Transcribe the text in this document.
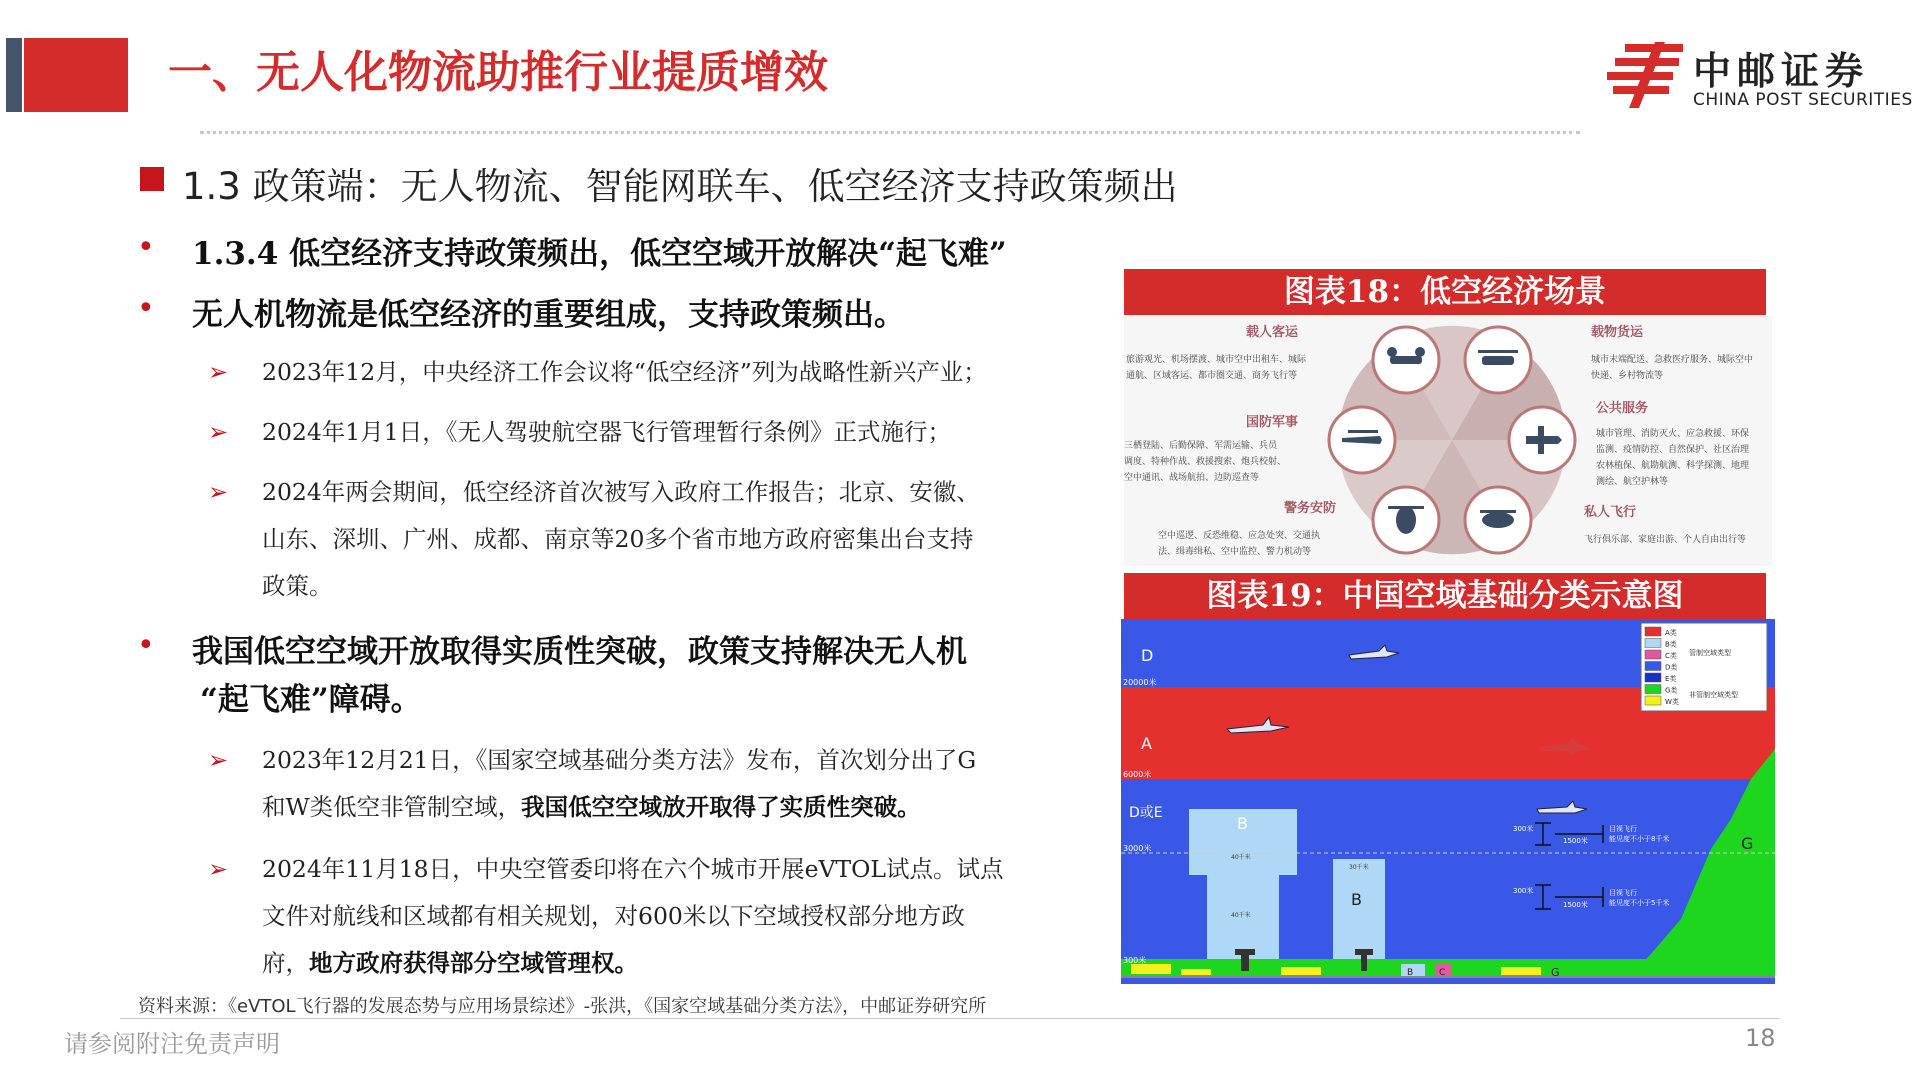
一、无人化物流助推行业提质增效	中邮证券
CHINA POST SECURITIES
1.3 政策端：无人物流、智能网联车、低空经济支持政策频出
• 1.3.4 低空经济支持政策频出，低空空域开放解决“起飞难”
• 无人机物流是低空经济的重要组成，支持政策频出。
➢ 2023年12月，中央经济工作会议将“低空经济”列为战略性新兴产业；
➢ 2024年1月1日，《无人驾驶航空器飞行管理暂行条例》正式施行；
➢ 2024年两会期间，低空经济首次被写入政府工作报告；北京、安徽、
山东、深圳、广州、成都、南京等20多个省市地方政府密集出台支持
政策。
• 我国低空空域开放取得实质性突破，政策支持解决无人机
“起飞难”障碍。
➢ 2023年12月21日，《国家空域基础分类方法》发布，首次划分出了G
和W类低空非管制空域，我国低空空域放开取得了实质性突破。
➢ 2024年11月18日，中央空管委印将在六个城市开展eVTOL试点。试点
文件对航线和区域都有相关规划，对600米以下空域授权部分地方政
府，地方政府获得部分空域管理权。
图表18：低空经济场景
载人客运
旅游观光、机场摆渡、城市空中出租车、城际
通航、区域客运、都市圈交通、商务飞行等
载物货运
城市末端配送、急救医疗服务、城际空中
快递、乡村物流等
国防军事
三栖登陆、后勤保障、军需运输、兵员
调度、特种作战、救援搜索、炮兵校射、
空中通讯、战场航拍、边防巡查等
公共服务
城市管理、消防灭火、应急救援、环保
监测、疫情防控、自然保护、社区治理
农林植保、航勘航测、科学探测、地理
测绘、航空护林等
警务安防
空中巡逻、反恐维稳、应急处突、交通执
法、缉毒缉私、空中监控、警力机动等
私人飞行
飞行俱乐部、家庭出游、个人自由出行等
图表19：中国空域基础分类示意图
D
20000米
A
6000米
D或E
3000米
300米
B
B
G
G
B	C
300米
1500米
目视飞行
能见度不小于8千米
300米
1500米
目视飞行
能见度不小于5千米
40千米
40千米
30千米
A类
B类
C类
D类
E类
G类
W类
管制空域类型
非管制空域类型
资料来源：《eVTOL飞行器的发展态势与应用场景综述》-张洪，《国家空域基础分类方法》，中邮证券研究所
请参阅附注免责声明	18
